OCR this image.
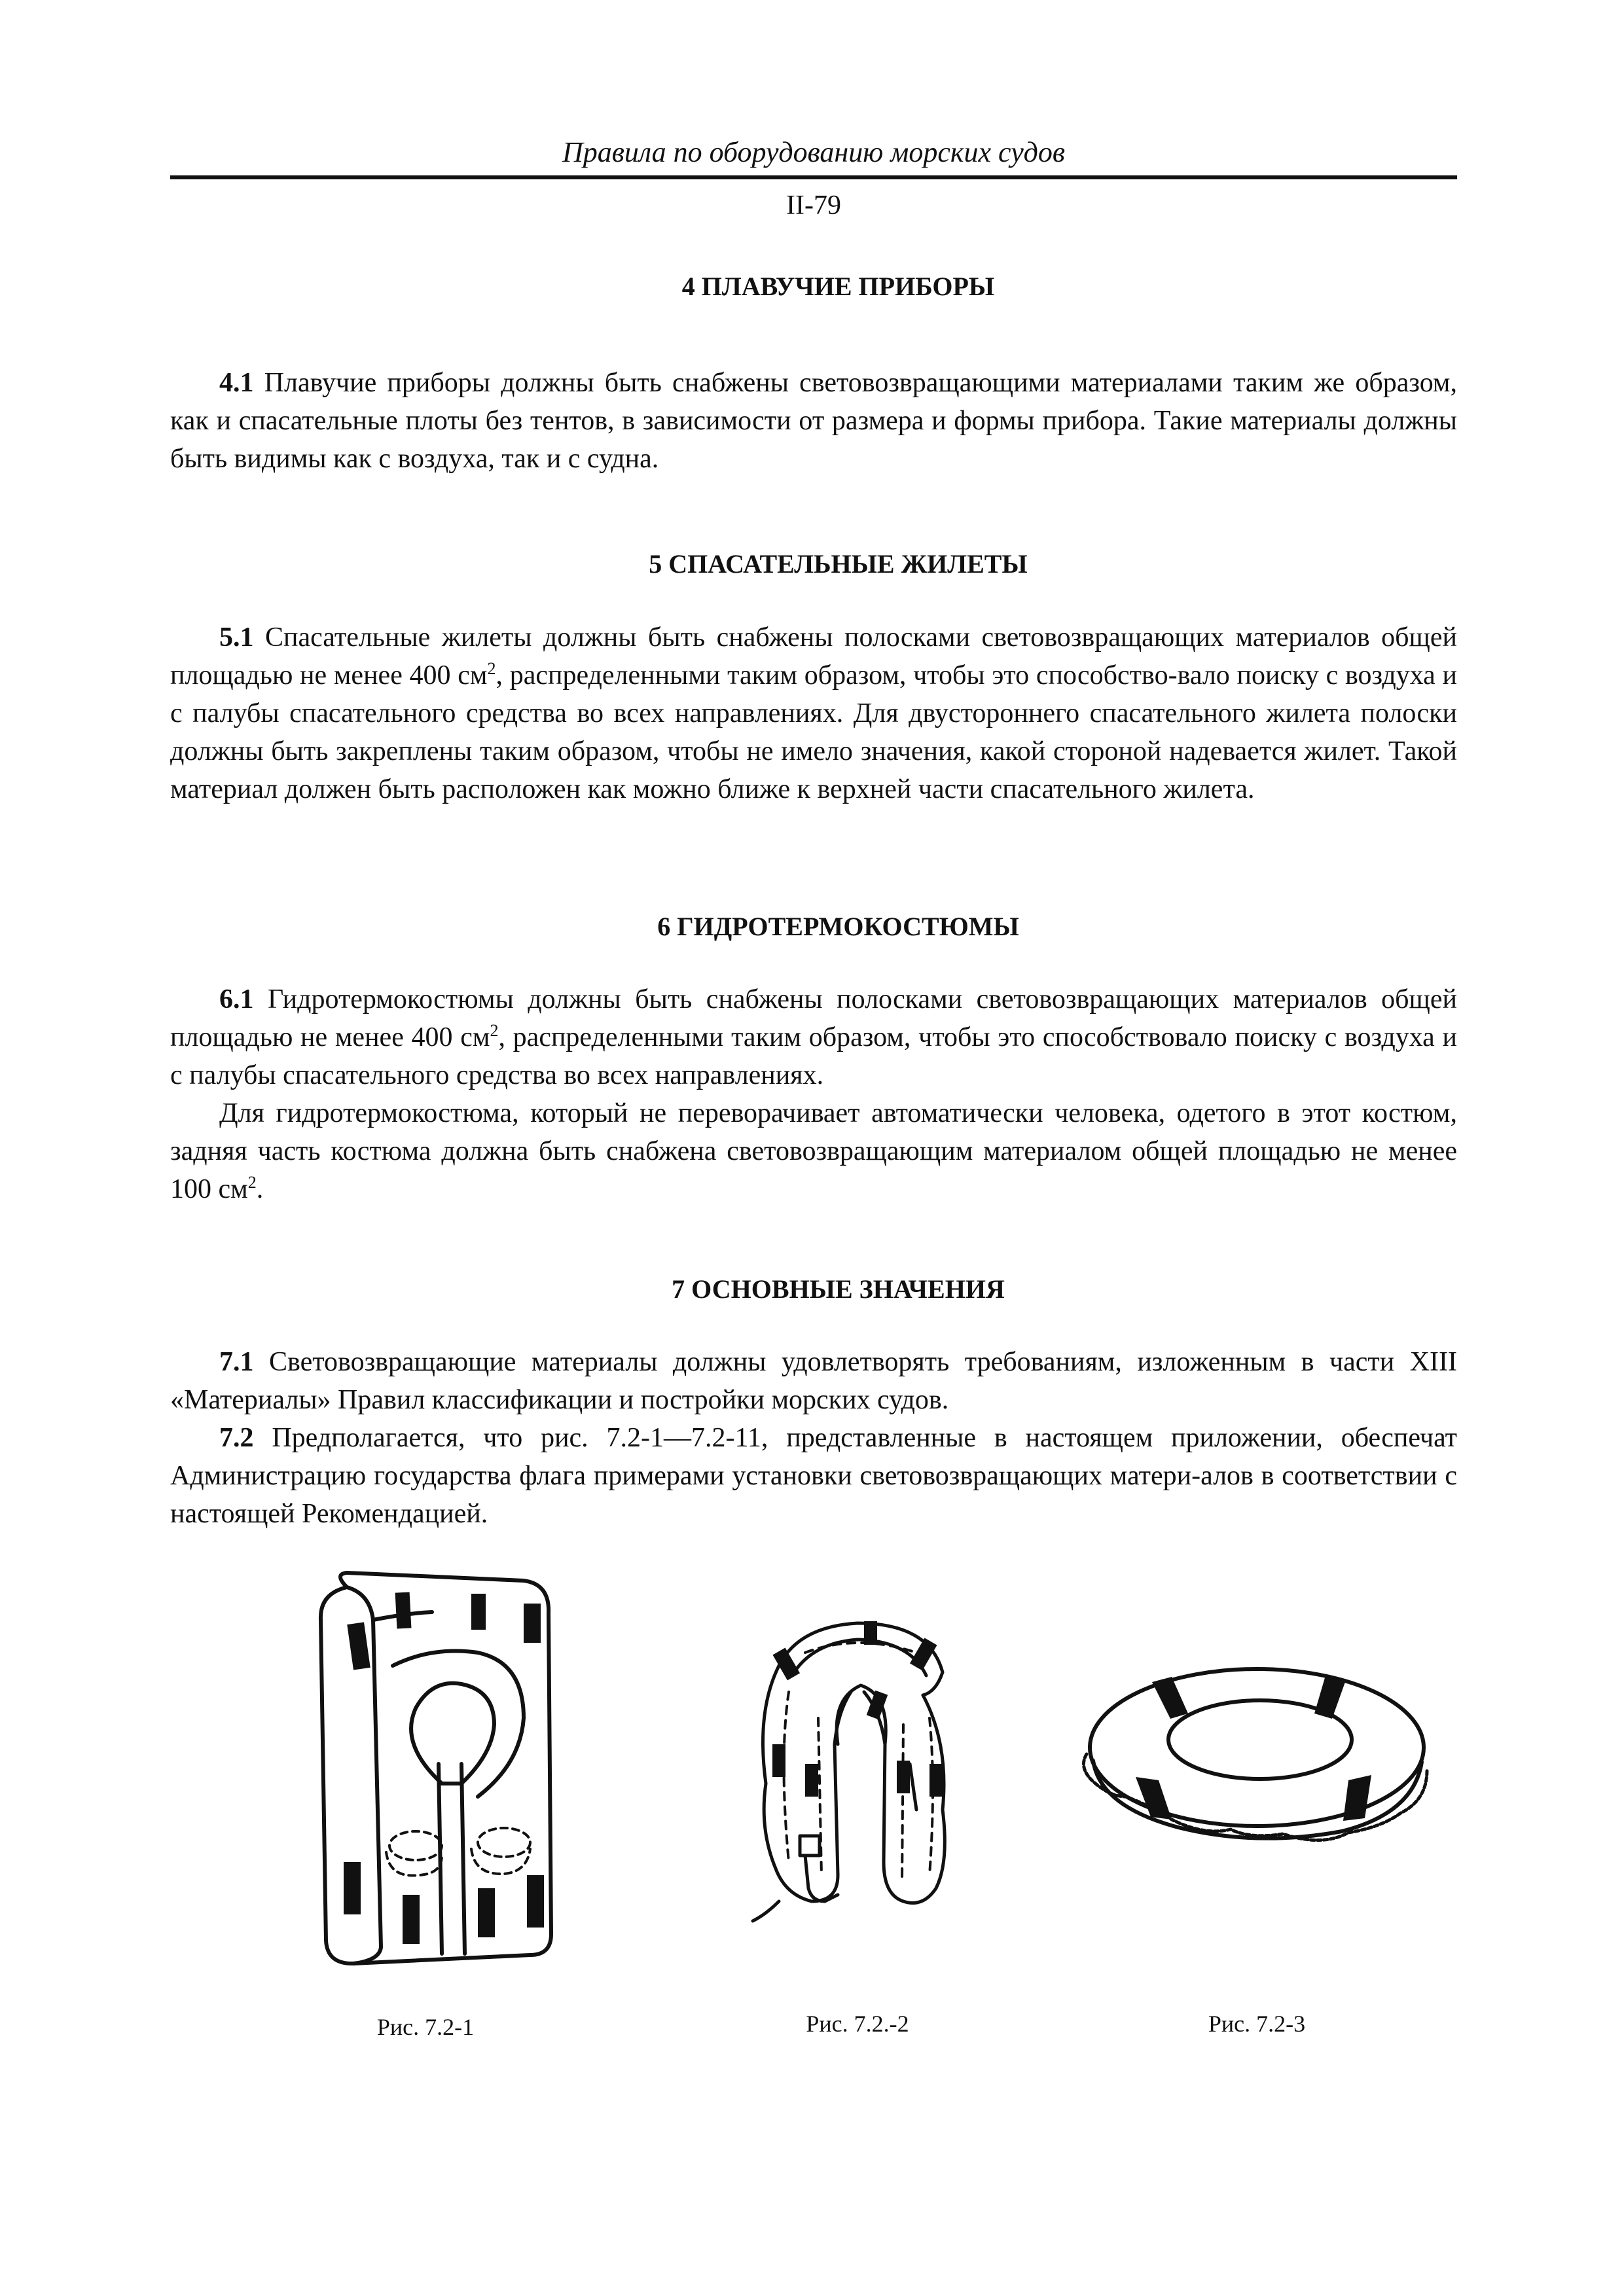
Правила по оборудованию морских судов
II-79
4 ПЛАВУЧИЕ ПРИБОРЫ
4.1 Плавучие приборы должны быть снабжены световозвращающими материалами таким же образом, как и спасательные плоты без тентов, в зависимости от размера и формы прибора. Такие материалы должны быть видимы как с воздуха, так и с судна.
5 СПАСАТЕЛЬНЫЕ ЖИЛЕТЫ
5.1 Спасательные жилеты должны быть снабжены полосками световозвращающих материалов общей площадью не менее 400 $см^2$, распределенными таким образом, чтобы это способство-вало поиску с воздуха и с палубы спасательного средства во всех направлениях. Для двустороннего спасательного жилета полоски должны быть закреплены таким образом, чтобы не имело значения, какой стороной надевается жилет. Такой материал должен быть расположен как можно ближе к верхней части спасательного жилета.
6 ГИДРОТЕРМОКОСТЮМЫ
6.1 Гидротермокостюмы должны быть снабжены полосками световозвращающих материалов общей площадью не менее 400 $см^2$, распределенными таким образом, чтобы это способствовало поиску с воздуха и с палубы спасательного средства во всех направлениях.
Для гидротермокостюма, который не переворачивает автоматически человека, одетого в этот костюм, задняя часть костюма должна быть снабжена световозвращающим материалом общей площадью не менее 100 $см^2$.
7 ОСНОВНЫЕ ЗНАЧЕНИЯ
7.1 Световозвращающие материалы должны удовлетворять требованиям, изложенным в части XIII «Материалы» Правил классификации и постройки морских судов.
7.2 Предполагается, что рис. 7.2-1—7.2-11, представленные в настоящем приложении, обеспечат Администрацию государства флага примерами установки световозвращающих матери-алов в соответствии с настоящей Рекомендацией.
Рис. 7.2-1	Рис. 7.2.-2	Рис. 7.2-3
